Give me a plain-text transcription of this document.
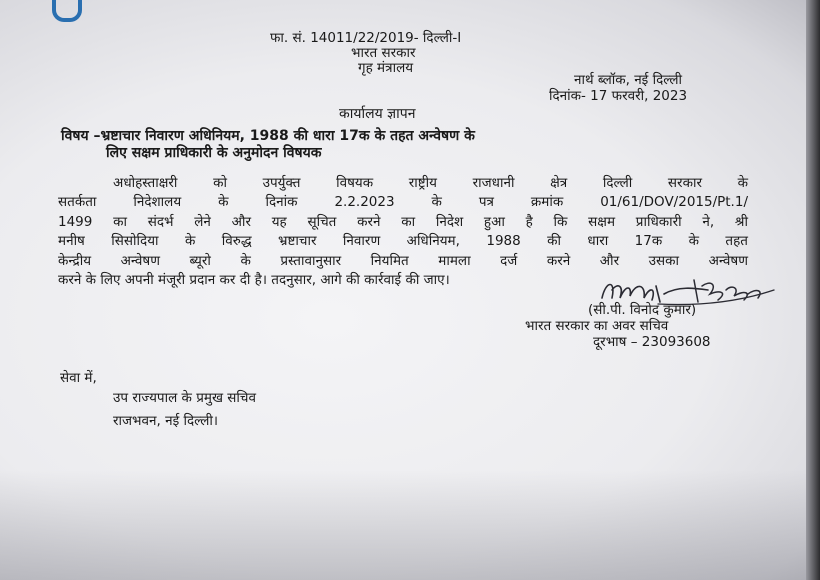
फा. सं. 14011/22/2019- दिल्ली-I
भारत सरकार
गृह मंत्रालय
नार्थ ब्लॉक, नई दिल्ली
दिनांक- 17 फरवरी, 2023
कार्यालय ज्ञापन
विषय –भ्रष्टाचार निवारण अधिनियम, 1988 की धारा 17क के तहत अन्वेषण के
लिए सक्षम प्राधिकारी के अनुमोदन विषयक
अधोहस्ताक्षरी को उपर्युक्त विषयक राष्ट्रीय राजधानी क्षेत्र दिल्ली सरकार के
सतर्कता निदेशालय के दिनांक 2.2.2023 के पत्र क्रमांक 01/61/DOV/2015/Pt.1/
1499 का संदर्भ लेने और यह सूचित करने का निदेश हुआ है कि सक्षम प्राधिकारी ने, श्री
मनीष सिसोदिया के विरुद्ध भ्रष्टाचार निवारण अधिनियम, 1988 की धारा 17क के तहत
केन्द्रीय अन्वेषण ब्यूरो के प्रस्तावानुसार नियमित मामला दर्ज करने और उसका अन्वेषण
करने के लिए अपनी मंजूरी प्रदान कर दी है। तदनुसार, आगे की कार्रवाई की जाए।
(सी.पी. विनोद कुमार)
भारत सरकार का अवर सचिव
दूरभाष – 23093608
सेवा में,
उप राज्यपाल के प्रमुख सचिव
राजभवन, नई दिल्ली।
